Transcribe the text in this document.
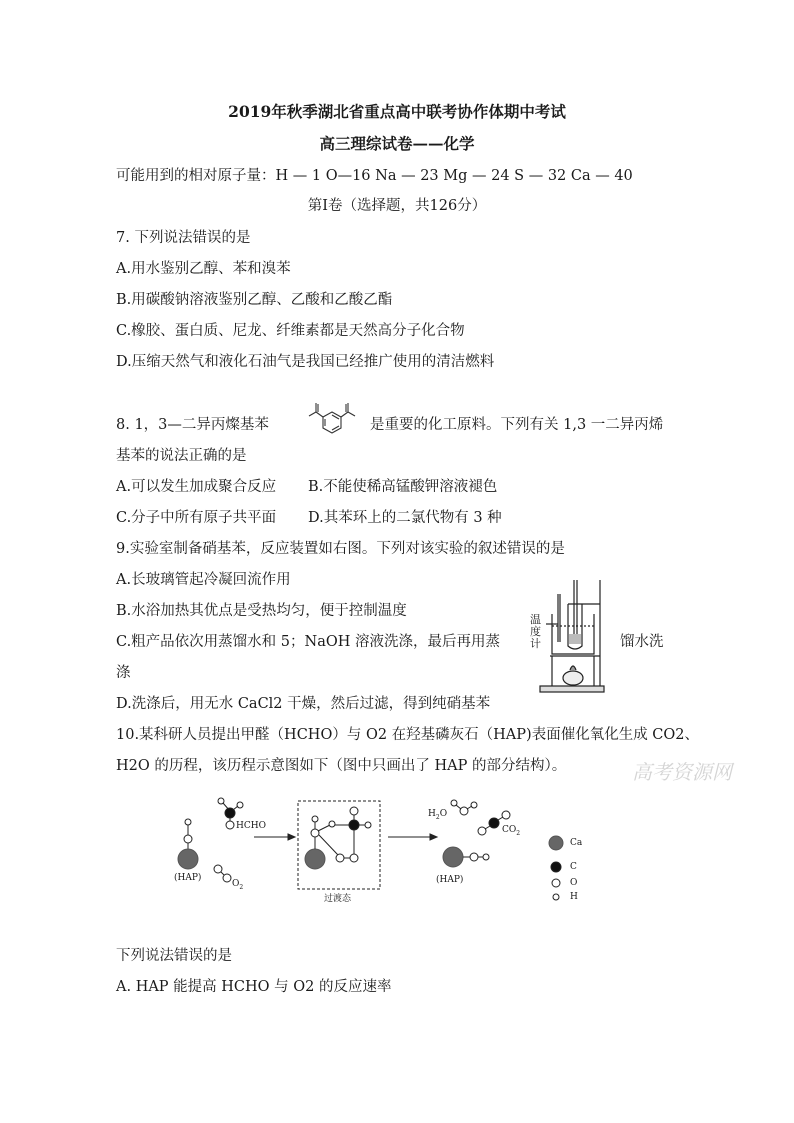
2019年秋季湖北省重点高中联考协作体期中考试
高三理综试卷——化学
可能用到的相对原子量：H — 1 O—16 Na — 23 Mg — 24 S — 32 Ca — 40
第Ⅰ卷（选择题，共126分）
7. 下列说法错误的是
A.用水鉴别乙醇、苯和溴苯
B.用碳酸钠溶液鉴别乙醇、乙酸和乙酸乙酯
C.橡胶、蛋白质、尼龙、纤维素都是天然高分子化合物
D.压缩天然气和液化石油气是我国已经推广使用的清洁燃料
8. 1，3—二异丙燦基苯	是重要的化工原料。下列有关 1,3 一二异丙烯
基苯的说法正确的是
A.可以发生加成聚合反应 B.不能使稀高锰酸钾溶液褪色
C.分子中所有原子共平面 D.其苯环上的二氯代物有 3 种
9.实验室制备硝基苯，反应装置如右图。下列对该实验的叙述错误的是
A.长玻璃管起冷凝回流作用
B.水浴加热其优点是受热均匀，便于控制温度
C.粗产品依次用蒸馏水和 5；NaOH 溶液洗涤，最后再用蒸	馏水洗
涤
D.洗涤后，用无水 CaCl2 干燥，然后过滤，得到纯硝基苯
温
度
计
10.某科研人员提出甲醛（HCHO）与 O2 在羟基磷灰石（HAP)表面催化氧化生成 CO2、
H2O 的历程，该历程示意图如下（图中只画出了 HAP 的部分结构）。	高考资源网
(HAP)
HCHO
$O_2$
过渡态
$H_2O$
$CO_2$
(HAP)
Ca
C
O
H
下列说法错误的是
A. HAP 能提高 HCHO 与 O2 的反应速率
